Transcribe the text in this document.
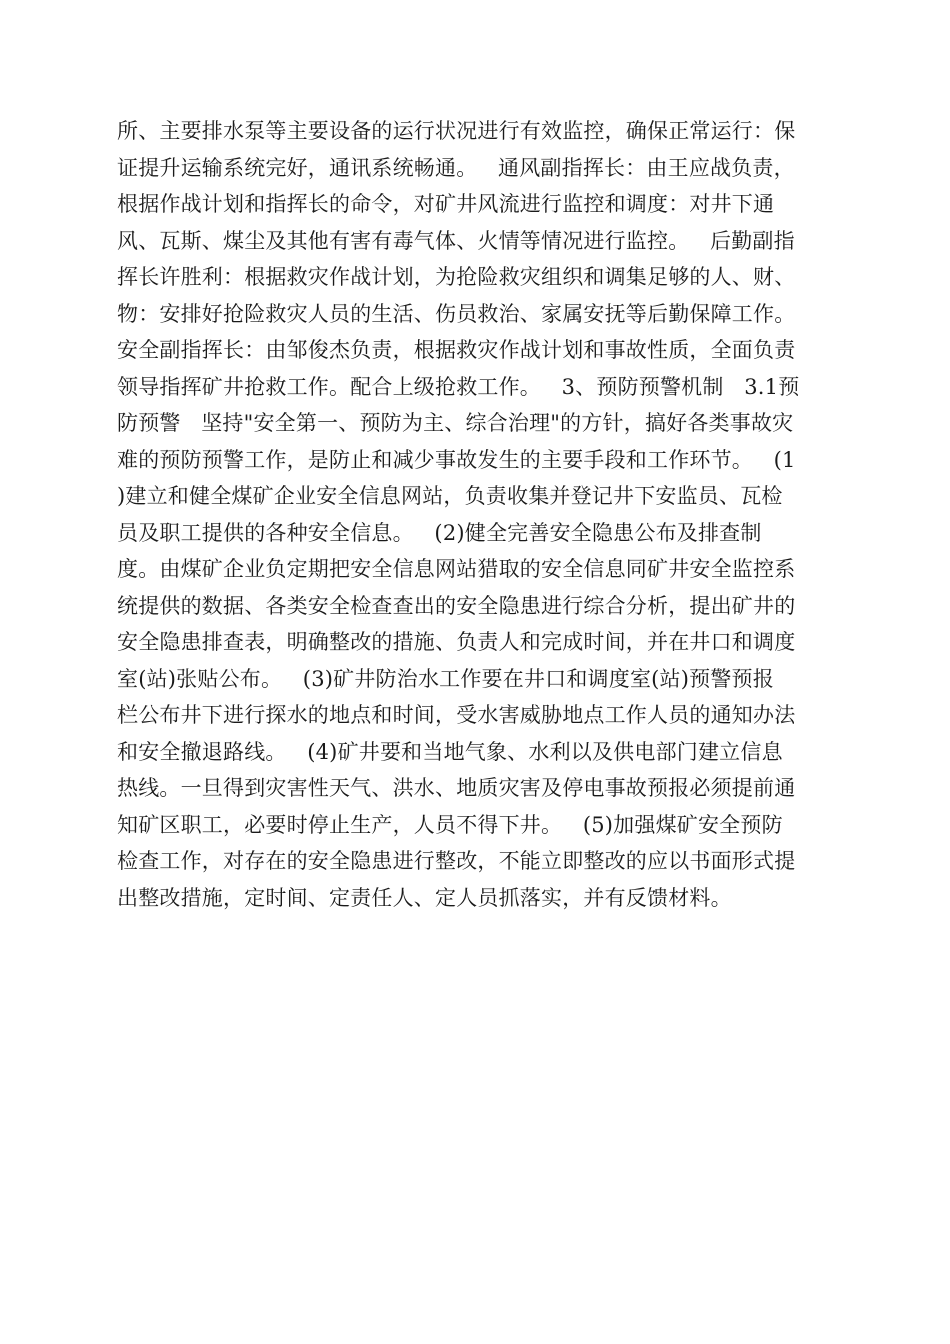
所、主要排水泵等主要设备的运行状况进行有效监控，确保正常运行：保
证提升运输系统完好，通讯系统畅通。   通风副指挥长：由王应战负责，
根据作战计划和指挥长的命令，对矿井风流进行监控和调度：对井下通
风、瓦斯、煤尘及其他有害有毒气体、火情等情况进行监控。   后勤副指
挥长许胜利：根据救灾作战计划，为抢险救灾组织和调集足够的人、财、
物：安排好抢险救灾人员的生活、伤员救治、家属安抚等后勤保障工作。
安全副指挥长：由邹俊杰负责，根据救灾作战计划和事故性质，全面负责
领导指挥矿井抢救工作。配合上级抢救工作。   3、预防预警机制   3.1预
防预警   坚持"安全第一、预防为主、综合治理"的方针，搞好各类事故灾
难的预防预警工作，是防止和减少事故发生的主要手段和工作环节。   (1
)建立和健全煤矿企业安全信息网站，负责收集并登记井下安监员、瓦检
员及职工提供的各种安全信息。   (2)健全完善安全隐患公布及排查制
度。由煤矿企业负定期把安全信息网站猎取的安全信息同矿井安全监控系
统提供的数据、各类安全检查查出的安全隐患进行综合分析，提出矿井的
安全隐患排查表，明确整改的措施、负责人和完成时间，并在井口和调度
室(站)张贴公布。   (3)矿井防治水工作要在井口和调度室(站)预警预报
栏公布井下进行探水的地点和时间，受水害威胁地点工作人员的通知办法
和安全撤退路线。   (4)矿井要和当地气象、水利以及供电部门建立信息
热线。一旦得到灾害性天气、洪水、地质灾害及停电事故预报必须提前通
知矿区职工，必要时停止生产，人员不得下井。   (5)加强煤矿安全预防
检查工作，对存在的安全隐患进行整改，不能立即整改的应以书面形式提
出整改措施，定时间、定责任人、定人员抓落实，并有反馈材料。
